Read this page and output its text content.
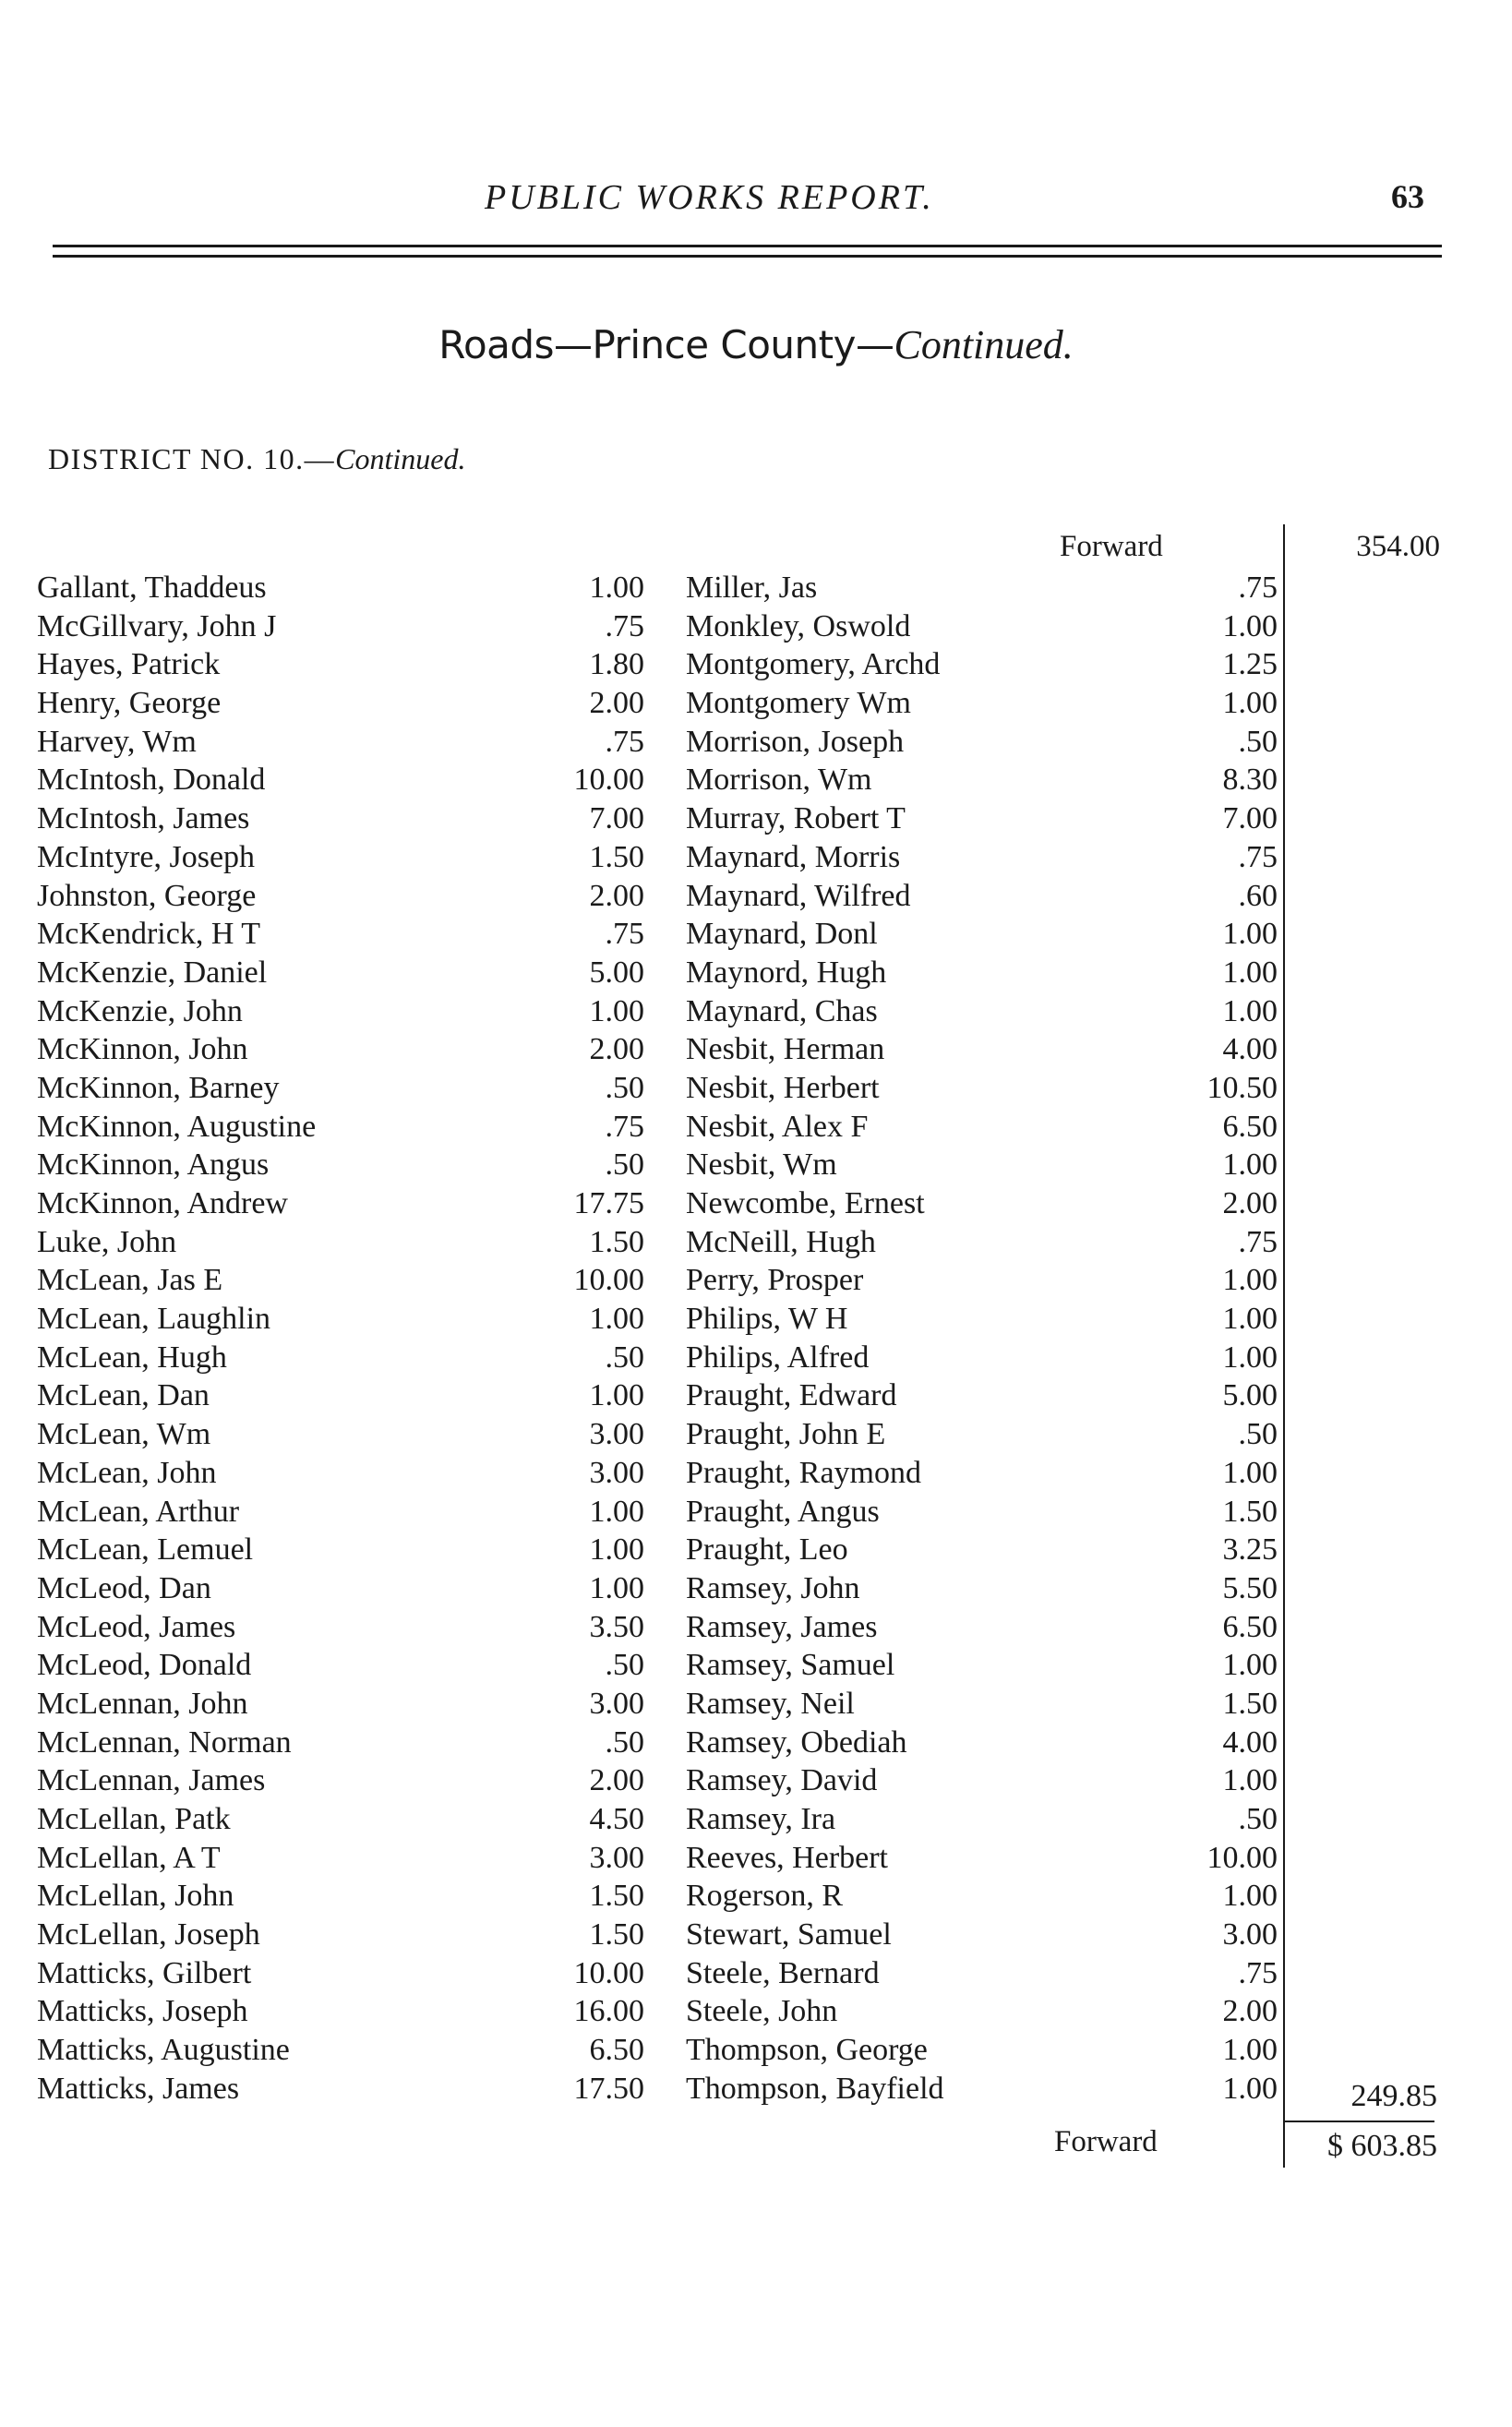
PUBLIC WORKS REPORT.	63
Roads—Prince County—Continued.
DISTRICT NO. 10.—Continued.
Forward	354.00
Gallant, Thaddeus	1.00 Miller, Jas	.75
McGillvary, John J	.75 Monkley, Oswold	1.00
Hayes, Patrick	1.80 Montgomery, Archd	1.25
Henry, George	2.00 Montgomery Wm	1.00
Harvey, Wm	.75 Morrison, Joseph	.50
McIntosh, Donald	10.00 Morrison, Wm	8.30
McIntosh, James	7.00 Murray, Robert T	7.00
McIntyre, Joseph	1.50 Maynard, Morris	.75
Johnston, George	2.00 Maynard, Wilfred	.60
McKendrick, H T	.75 Maynard, Donl	1.00
McKenzie, Daniel	5.00 Maynord, Hugh	1.00
McKenzie, John	1.00 Maynard, Chas	1.00
McKinnon, John	2.00 Nesbit, Herman	4.00
McKinnon, Barney	.50 Nesbit, Herbert	10.50
McKinnon, Augustine	.75 Nesbit, Alex F	6.50
McKinnon, Angus	.50 Nesbit, Wm	1.00
McKinnon, Andrew	17.75 Newcombe, Ernest	2.00
Luke, John	1.50 McNeill, Hugh	.75
McLean, Jas E	10.00 Perry, Prosper	1.00
McLean, Laughlin	1.00 Philips, W H	1.00
McLean, Hugh	.50 Philips, Alfred	1.00
McLean, Dan	1.00 Praught, Edward	5.00
McLean, Wm	3.00 Praught, John E	.50
McLean, John	3.00 Praught, Raymond	1.00
McLean, Arthur	1.00 Praught, Angus	1.50
McLean, Lemuel	1.00 Praught, Leo	3.25
McLeod, Dan	1.00 Ramsey, John	5.50
McLeod, James	3.50 Ramsey, James	6.50
McLeod, Donald	.50 Ramsey, Samuel	1.00
McLennan, John	3.00 Ramsey, Neil	1.50
McLennan, Norman	.50 Ramsey, Obediah	4.00
McLennan, James	2.00 Ramsey, David	1.00
McLellan, Patk	4.50 Ramsey, Ira	.50
McLellan, A T	3.00 Reeves, Herbert	10.00
McLellan, John	1.50 Rogerson, R	1.00
McLellan, Joseph	1.50 Stewart, Samuel	3.00
Matticks, Gilbert	10.00 Steele, Bernard	.75
Matticks, Joseph	16.00 Steele, John	2.00
Matticks, Augustine	6.50 Thompson, George	1.00
Matticks, James	17.50 Thompson, Bayfield	1.00	249.85
Forward	$ 603.85
